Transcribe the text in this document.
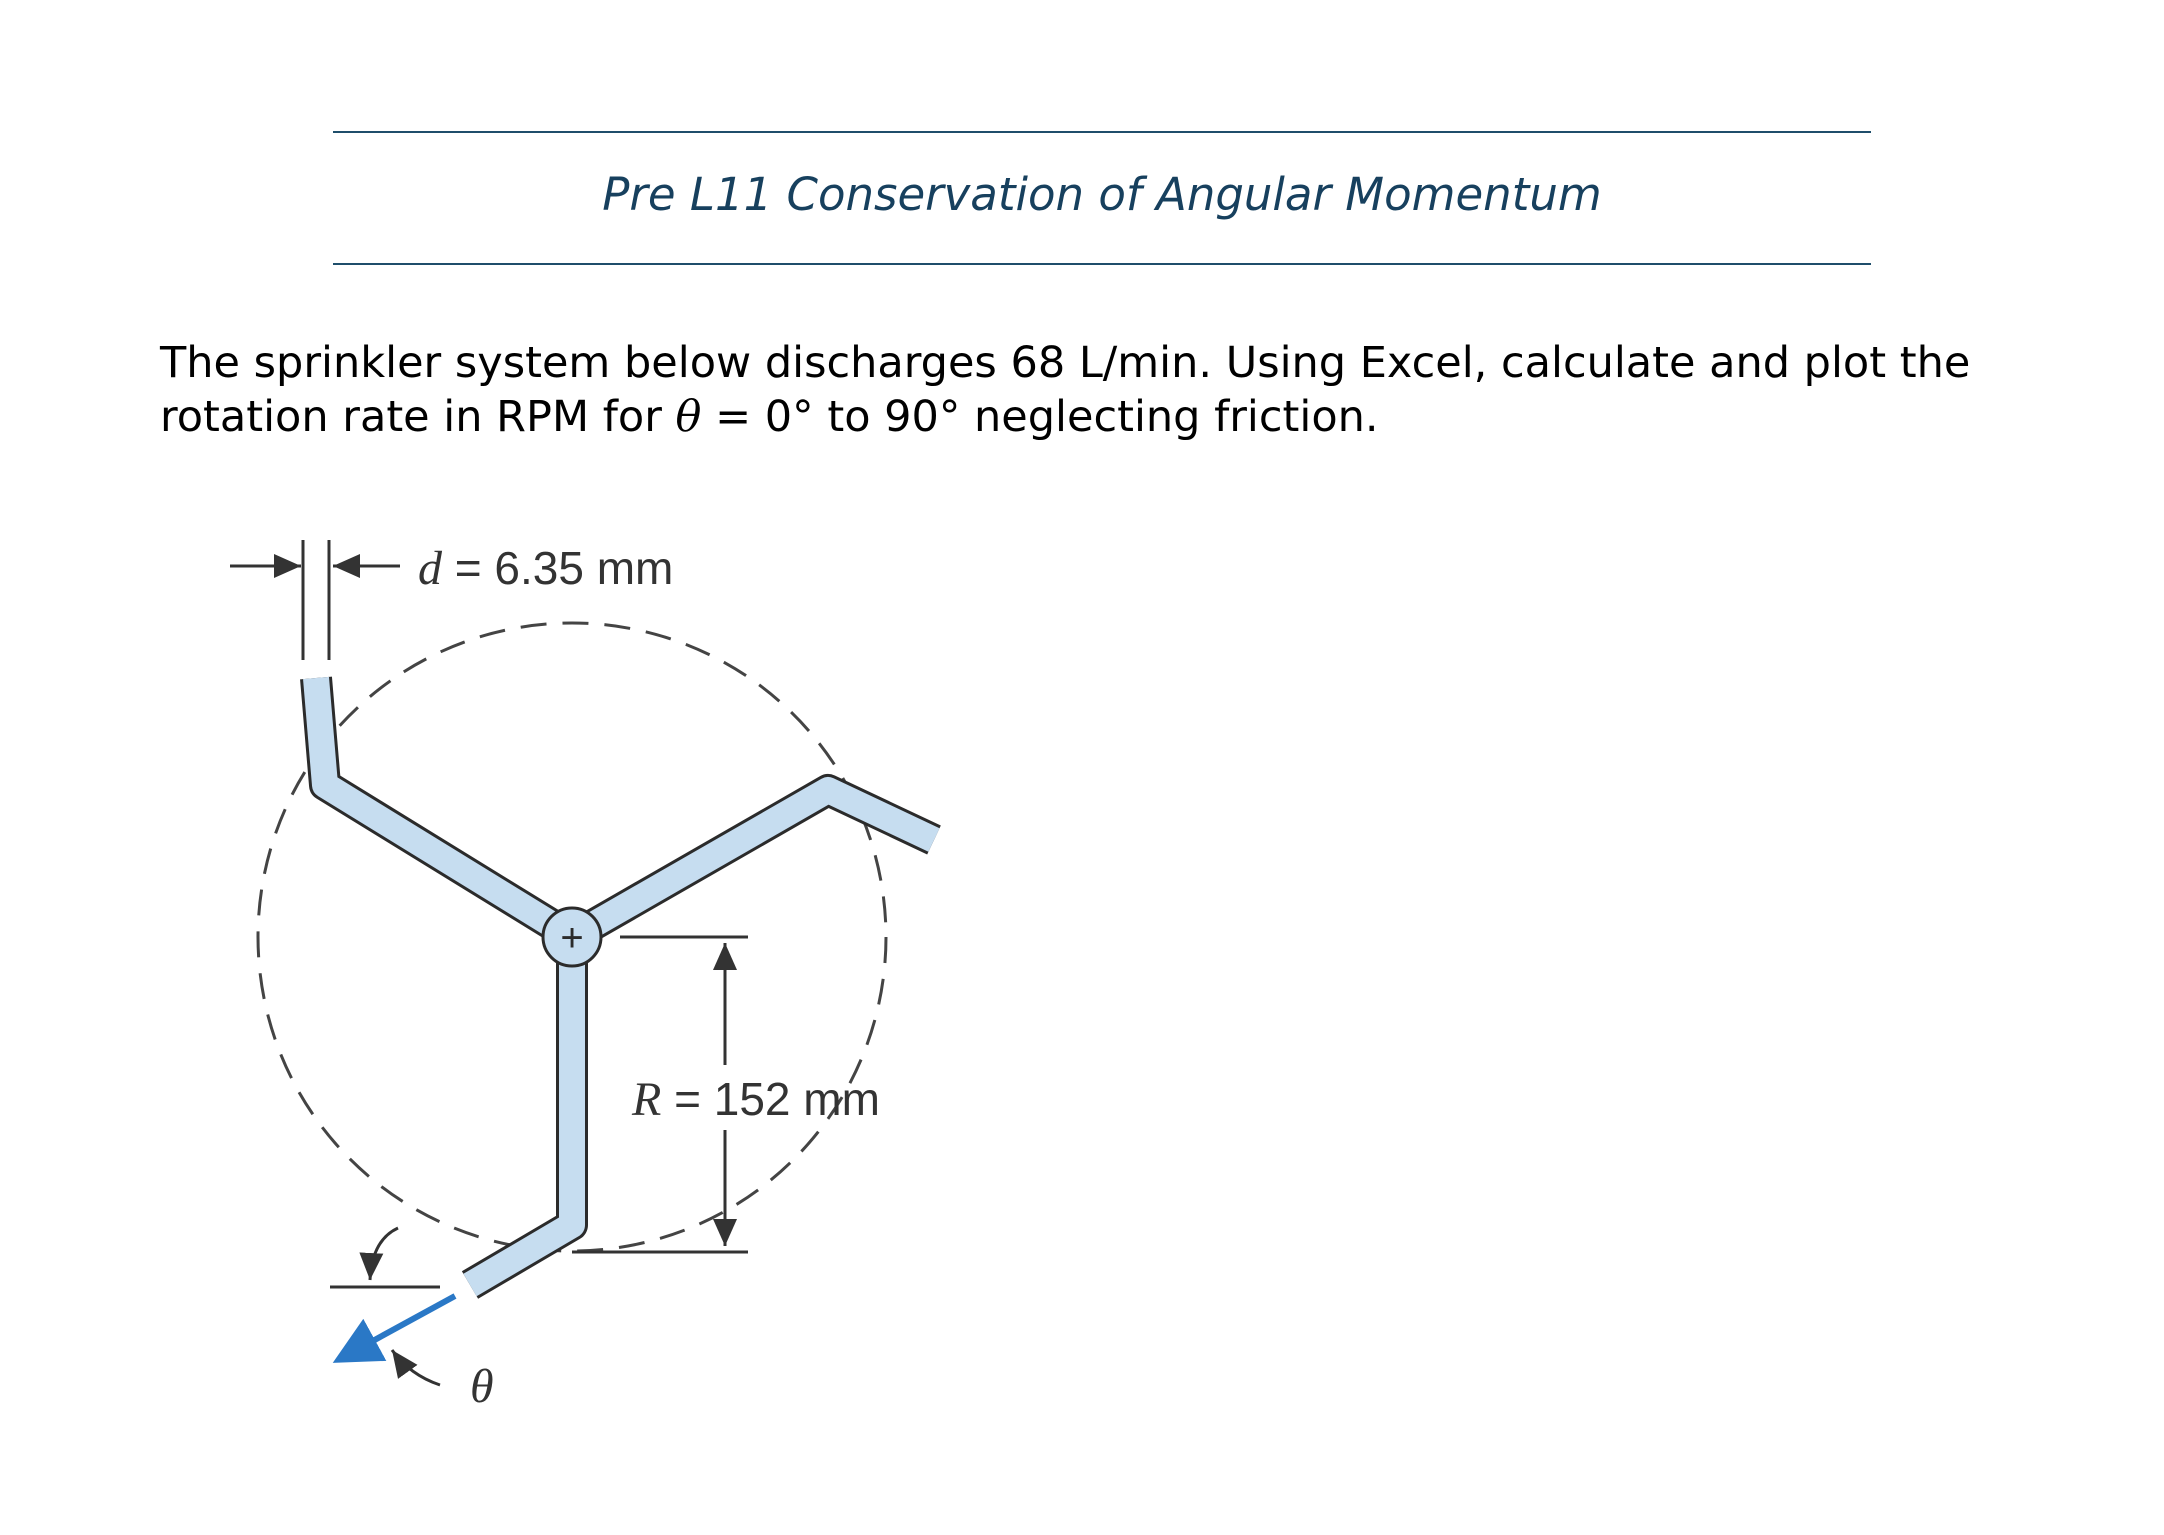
Pre L11 Conservation of Angular Momentum
The sprinkler system below discharges 68 L/min. Using Excel, calculate and plot the
rotation rate in RPM for θ = 0° to 90° neglecting friction.
+
d = 6.35 mm
R = 152 mm
θ
